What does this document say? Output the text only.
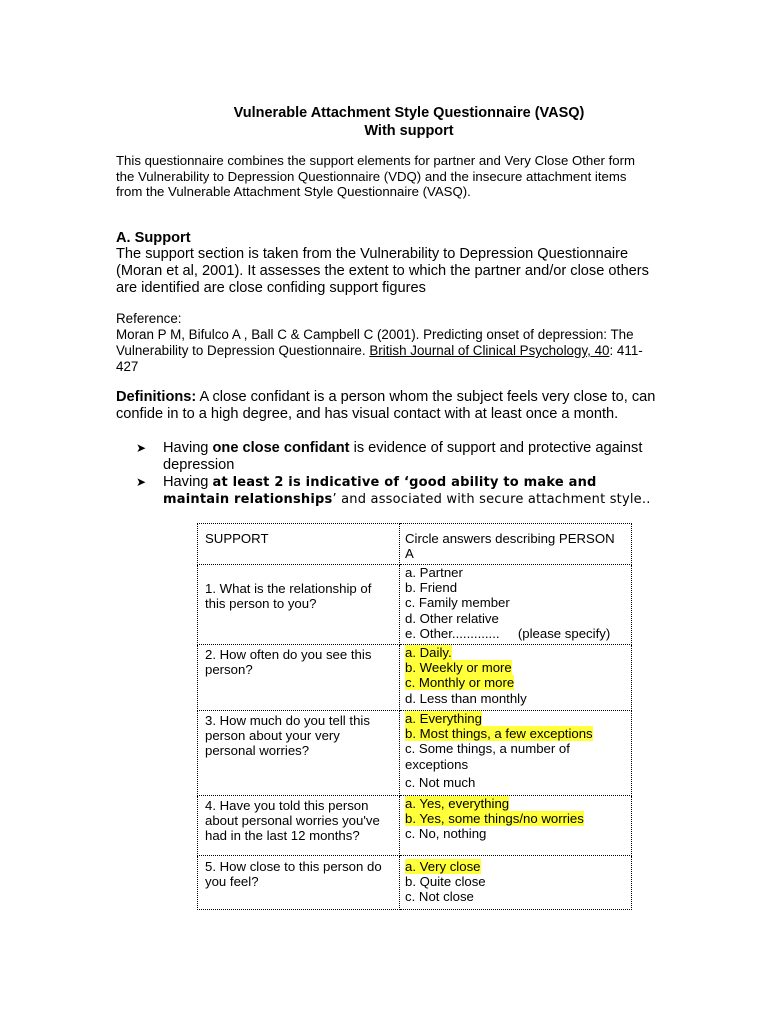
Vulnerable Attachment Style Questionnaire (VASQ)
With support
This questionnaire combines the support elements for partner and Very Close Other form the Vulnerability to Depression Questionnaire (VDQ) and the insecure attachment items from the Vulnerable Attachment Style Questionnaire (VASQ).
A. Support
The support section is taken from the Vulnerability to Depression Questionnaire (Moran et al, 2001). It assesses the extent to which the partner and/or close others are identified are close confiding support figures
Reference:
Moran P M, Bifulco A , Ball C & Campbell C (2001). Predicting onset of depression: The Vulnerability to Depression Questionnaire. British Journal of Clinical Psychology, 40: 411-427
Definitions: A close confidant is a person whom the subject feels very close to, can confide in to a high degree, and has visual contact with at least once a month.
➤ Having one close confidant is evidence of support and protective against depression
➤ Having at least 2 is indicative of ‘good ability to make and maintain relationships’ and associated with secure attachment style..
SUPPORT	Circle answers describing PERSON A
1. What is the relationship of this person to you?	a. Partner
b. Friend
c. Family member
d. Other relative
e. Other.............     (please specify)

2. How often do you see this person?	a. Daily.
b. Weekly or more
c. Monthly or more
d. Less than monthly

3. How much do you tell this person about your very personal worries?	a. Everything
b. Most things, a few exceptions
c. Some things, a number of exceptions
c. Not much

4. Have you told this person about personal worries you've had in the last 12 months?	a. Yes, everything
b. Yes, some things/no worries
c. No, nothing

5. How close to this person do you feel?	a. Very close
b. Quite close
c. Not close
